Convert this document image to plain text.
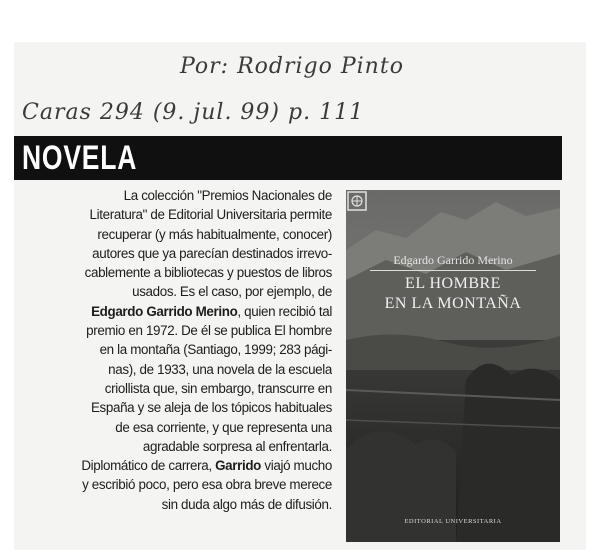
Por: Rodrigo Pinto
Caras 294 (9. jul. 99) p. 111
NOVELA
La colección "Premios Nacionales de
Literatura" de Editorial Universitaria permite
recuperar (y más habitualmente, conocer)
autores que ya parecían destinados irrevo-
cablemente a bibliotecas y puestos de libros
usados. Es el caso, por ejemplo, de
Edgardo Garrido Merino, quien recibió tal
premio en 1972. De él se publica El hombre
en la montaña (Santiago, 1999; 283 pági-
nas), de 1933, una novela de la escuela
criollista que, sin embargo, transcurre en
España y se aleja de los tópicos habituales
de esa corriente, y que representa una
agradable sorpresa al enfrentarla.
Diplomático de carrera, Garrido viajó mucho
y escribió poco, pero esa obra breve merece
sin duda algo más de difusión.
Edgardo Garrido Merino
EL HOMBRE
EN LA MONTAÑA
EDITORIAL UNIVERSITARIA
